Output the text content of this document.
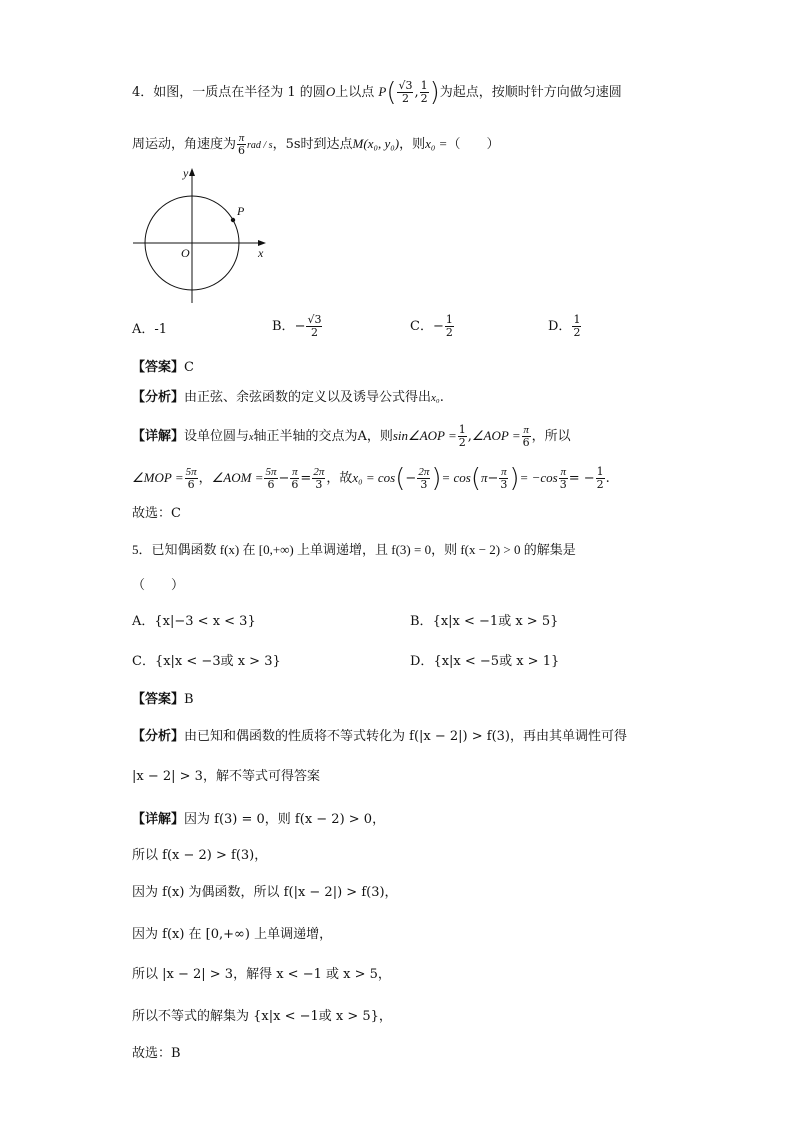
4．如图，一质点在半径为 1 的圆O上以点 $P( \frac{√3}{2}$ , $\frac{1}{2}$ )为起点，按顺时针方向做匀速圆
周运动，角速度为 $\frac{\pi}{6}$ rad / s，5s时到达点M(x₀, y₀)，则x₀ =（　　）
y
x
O
P
A．-1	B．− $\frac{√3}{2}$	C．− $\frac{1}{2}$	D． $\frac{1}{2}$
【答案】C
【分析】由正弦、余弦函数的定义以及诱导公式得出x₀.
【详解】设单位圆与x轴正半轴的交点为A，则sin∠AOP = $\frac{1}{2}$ ,∠AOP = $\frac{\pi}{6}$ ，所以
∠MOP = $\frac{5\pi}{6}$ ，∠AOM = $\frac{5\pi}{6} - \frac{\pi}{6} = \frac{2\pi}{3}$ ，故$x_0 = \cos(- \frac{2\pi}{3}$ )= $\cos(\pi- \frac{\pi}{3}$ )= $-\cos \frac{\pi}{3}$ = − $\frac{1}{2}$ .
故选：C
5．已知偶函数 f(x) 在 [0,+∞) 上单调递增，且 f(3) = 0，则 f(x − 2) > 0 的解集是
（　　）
A．{x|−3 < x < 3}	B．{x|x < −1或 x > 5}
C．{x|x < −3或 x > 3}	D．{x|x < −5或 x > 1}
【答案】B
【分析】由已知和偶函数的性质将不等式转化为 f(|x − 2|) > f(3)，再由其单调性可得
|x − 2| > 3，解不等式可得答案
【详解】因为 f(3) = 0，则 f(x − 2) > 0，
所以 f(x − 2) > f(3)，
因为 f(x) 为偶函数，所以 f(|x − 2|) > f(3)，
因为 f(x) 在 [0,+∞) 上单调递增，
所以 |x − 2| > 3，解得 x < −1 或 x > 5，
所以不等式的解集为 {x|x < −1或 x > 5}，
故选：B
